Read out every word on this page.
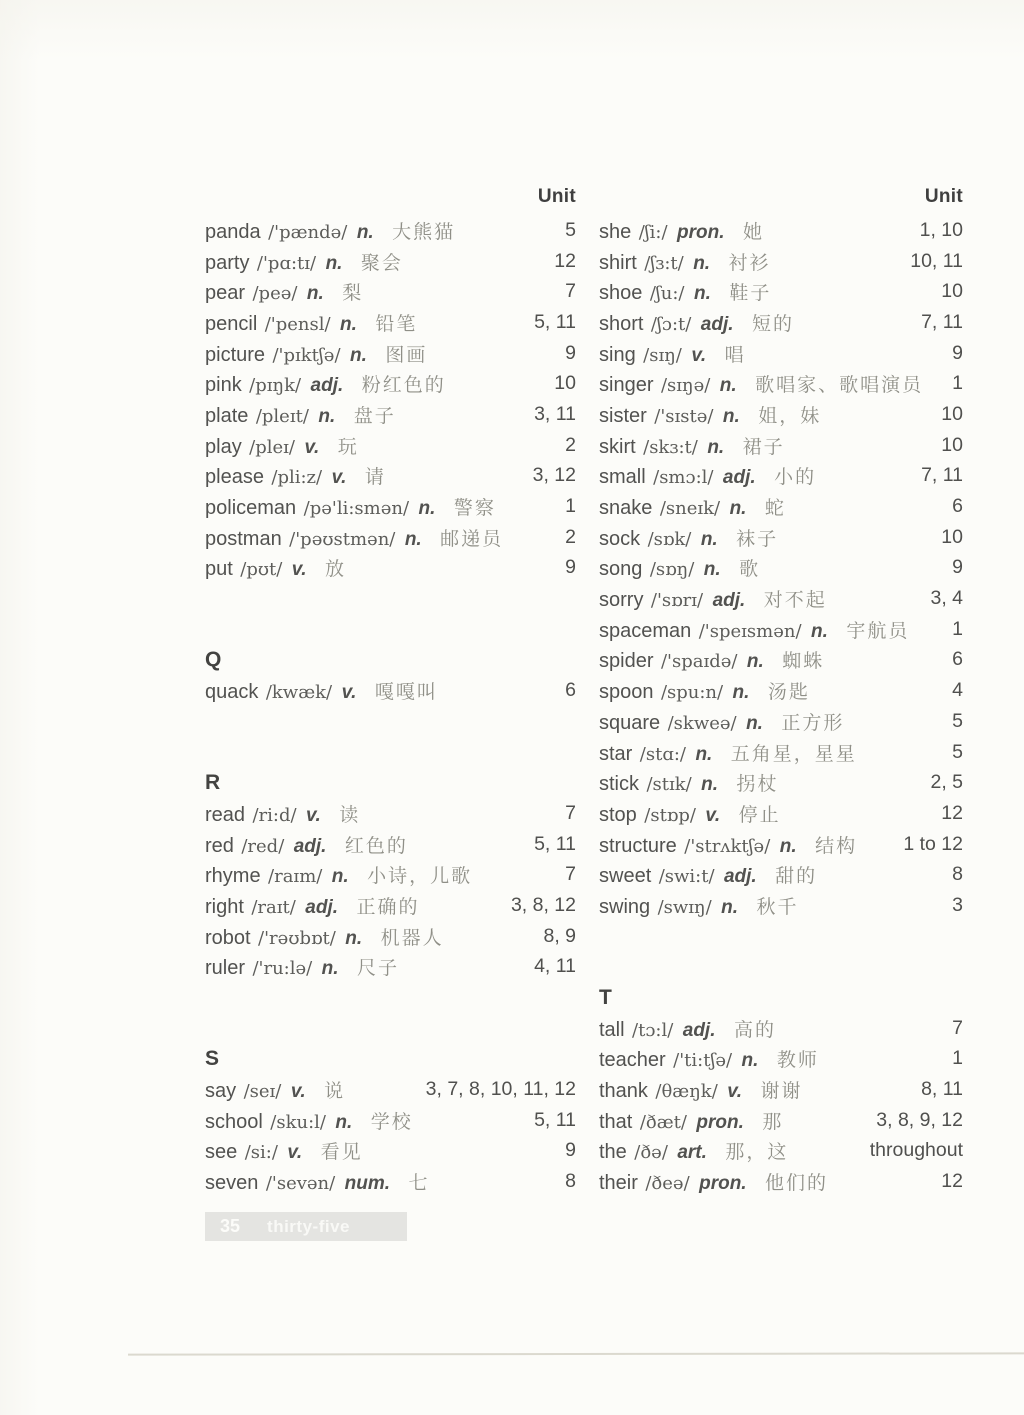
Unit	Unit
panda /'pændə/ n. 大熊猫	5
party /'pɑ:tɪ/ n. 聚会	12
pear /peə/ n. 梨	7
pencil /'pensl/ n. 铅笔	5, 11
picture /'pɪktʃə/ n. 图画	9
pink /pɪŋk/ adj. 粉红色的	10
plate /pleɪt/ n. 盘子	3, 11
play /pleɪ/ v. 玩	2
please /pli:z/ v. 请	3, 12
policeman /pə'li:smən/ n. 警察	1
postman /'pəʊstmən/ n. 邮递员	2
put /pʊt/ v. 放	9
Q
quack /kwæk/ v. 嘎嘎叫	6
R
read /ri:d/ v. 读	7
red /red/ adj. 红色的	5, 11
rhyme /raɪm/ n. 小诗，儿歌	7
right /raɪt/ adj. 正确的	3, 8, 12
robot /'rəʊbɒt/ n. 机器人	8, 9
ruler /'ru:lə/ n. 尺子	4, 11
S
say /seɪ/ v. 说	3, 7, 8, 10, 11, 12
school /sku:l/ n. 学校	5, 11
see /si:/ v. 看见	9
seven /'sevən/ num. 七	8
she /ʃi:/ pron. 她	1, 10
shirt /ʃɜ:t/ n. 衬衫	10, 11
shoe /ʃu:/ n. 鞋子	10
short /ʃɔ:t/ adj. 短的	7, 11
sing /sɪŋ/ v. 唱	9
singer /sɪŋə/ n. 歌唱家、歌唱演员	1
sister /'sɪstə/ n. 姐，妹	10
skirt /skɜ:t/ n. 裙子	10
small /smɔ:l/ adj. 小的	7, 11
snake /sneɪk/ n. 蛇	6
sock /sɒk/ n. 袜子	10
song /sɒŋ/ n. 歌	9
sorry /'sɒrɪ/ adj. 对不起	3, 4
spaceman /'speɪsmən/ n. 宇航员	1
spider /'spaɪdə/ n. 蜘蛛	6
spoon /spu:n/ n. 汤匙	4
square /skweə/ n. 正方形	5
star /stɑ:/ n. 五角星，星星	5
stick /stɪk/ n. 拐杖	2, 5
stop /stɒp/ v. 停止	12
structure /'strʌktʃə/ n. 结构	1 to 12
sweet /swi:t/ adj. 甜的	8
swing /swɪŋ/ n. 秋千	3
T
tall /tɔ:l/ adj. 高的	7
teacher /'ti:tʃə/ n. 教师	1
thank /θæŋk/ v. 谢谢	8, 11
that /ðæt/ pron. 那	3, 8, 9, 12
the /ðə/ art. 那，这	throughout
their /ðeə/ pron. 他们的	12
35 thirty-five
